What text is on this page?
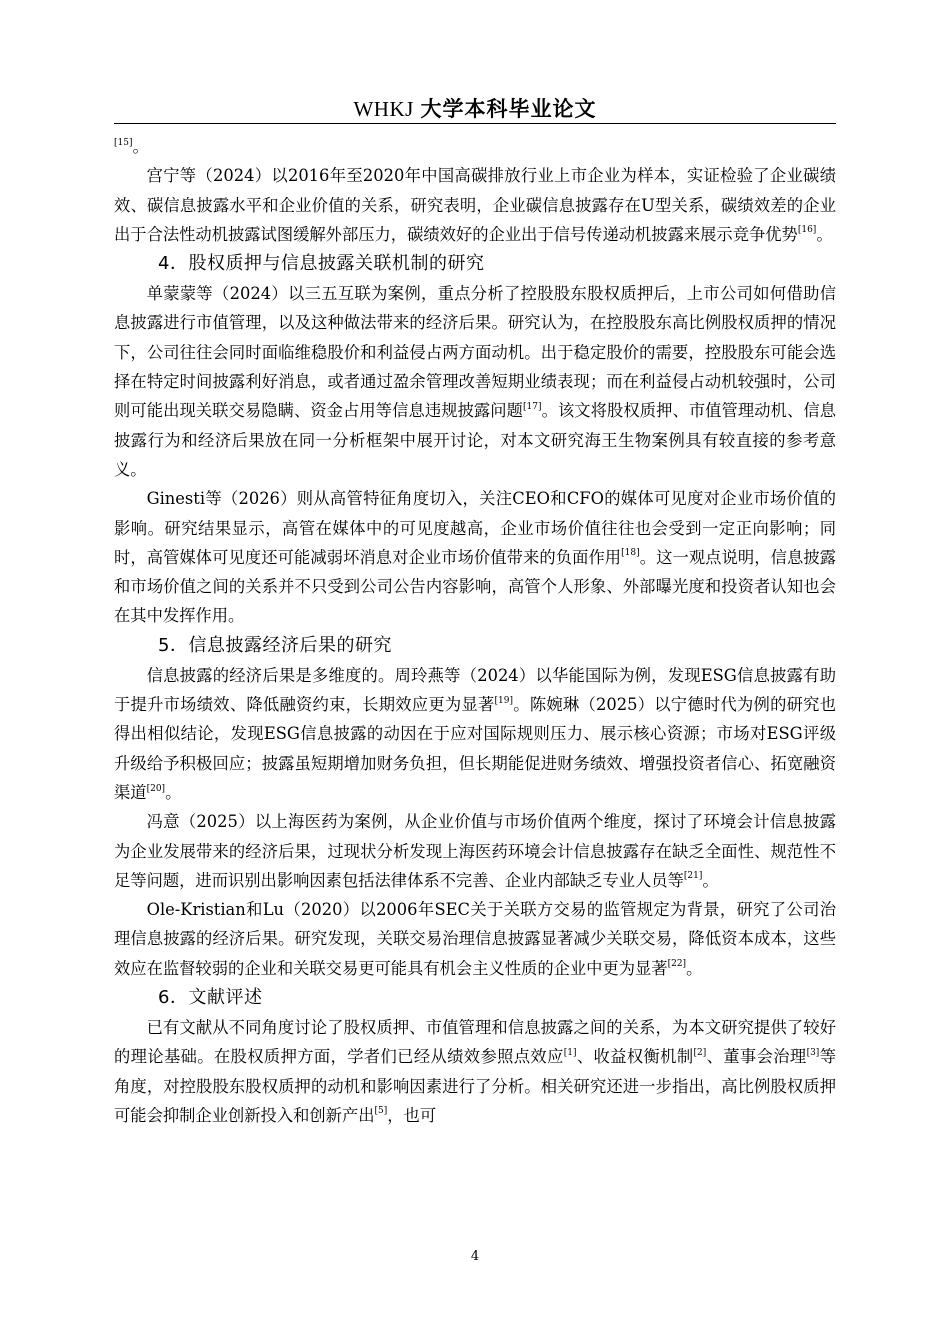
WHKJ 大学本科毕业论文

[15]。

宫宁等（2024）以2016年至2020年中国高碳排放行业上市企业为样本，实证检验了企业碳绩效、碳信息披露水平和企业价值的关系，研究表明，企业碳信息披露存在U型关系，碳绩效差的企业出于合法性动机披露试图缓解外部压力，碳绩效好的企业出于信号传递动机披露来展示竞争优势[16]。

4．股权质押与信息披露关联机制的研究

单蒙蒙等（2024）以三五互联为案例，重点分析了控股股东股权质押后，上市公司如何借助信息披露进行市值管理，以及这种做法带来的经济后果。研究认为，在控股股东高比例股权质押的情况下，公司往往会同时面临维稳股价和利益侵占两方面动机。出于稳定股价的需要，控股股东可能会选择在特定时间披露利好消息，或者通过盈余管理改善短期业绩表现；而在利益侵占动机较强时，公司则可能出现关联交易隐瞒、资金占用等信息违规披露问题[17]。该文将股权质押、市值管理动机、信息披露行为和经济后果放在同一分析框架中展开讨论，对本文研究海王生物案例具有较直接的参考意义。

Ginesti等（2026）则从高管特征角度切入，关注CEO和CFO的媒体可见度对企业市场价值的影响。研究结果显示，高管在媒体中的可见度越高，企业市场价值往往也会受到一定正向影响；同时，高管媒体可见度还可能减弱坏消息对企业市场价值带来的负面作用[18]。这一观点说明，信息披露和市场价值之间的关系并不只受到公司公告内容影响，高管个人形象、外部曝光度和投资者认知也会在其中发挥作用。

5．信息披露经济后果的研究

信息披露的经济后果是多维度的。周玲燕等（2024）以华能国际为例，发现ESG信息披露有助于提升市场绩效、降低融资约束，长期效应更为显著[19]。陈婉琳（2025）以宁德时代为例的研究也得出相似结论，发现ESG信息披露的动因在于应对国际规则压力、展示核心资源；市场对ESG评级升级给予积极回应；披露虽短期增加财务负担，但长期能促进财务绩效、增强投资者信心、拓宽融资渠道[20]。

冯意（2025）以上海医药为案例，从企业价值与市场价值两个维度，探讨了环境会计信息披露为企业发展带来的经济后果，过现状分析发现上海医药环境会计信息披露存在缺乏全面性、规范性不足等问题，进而识别出影响因素包括法律体系不完善、企业内部缺乏专业人员等[21]。

Ole-Kristian和Lu（2020）以2006年SEC关于关联方交易的监管规定为背景，研究了公司治理信息披露的经济后果。研究发现，关联交易治理信息披露显著减少关联交易，降低资本成本，这些效应在监督较弱的企业和关联交易更可能具有机会主义性质的企业中更为显著[22]。

6．文献评述

已有文献从不同角度讨论了股权质押、市值管理和信息披露之间的关系，为本文研究提供了较好的理论基础。在股权质押方面，学者们已经从绩效参照点效应[1]、收益权衡机制[2]、董事会治理[3]等角度，对控股股东股权质押的动机和影响因素进行了分析。相关研究还进一步指出，高比例股权质押可能会抑制企业创新投入和创新产出[5]，也可

4
